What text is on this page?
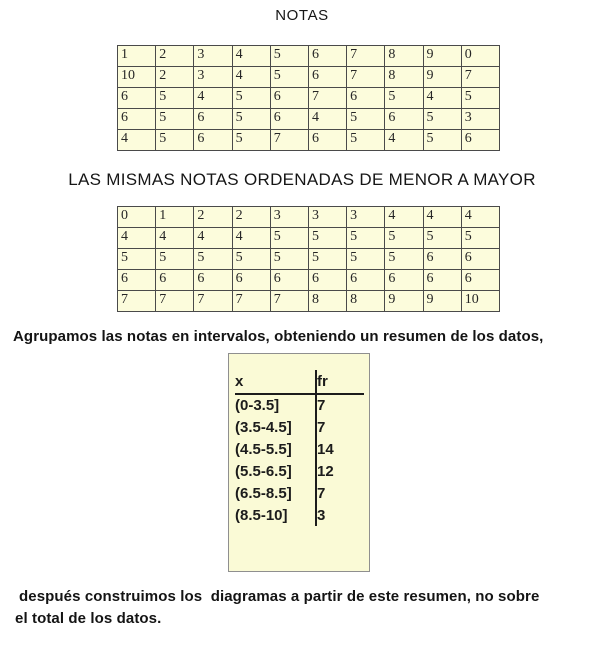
NOTAS
1	2	3	4	5	6	7	8	9	0
10	2	3	4	5	6	7	8	9	7
6	5	4	5	6	7	6	5	4	5
6	5	6	5	6	4	5	6	5	3
4	5	6	5	7	6	5	4	5	6
LAS MISMAS NOTAS ORDENADAS DE MENOR A MAYOR
0	1	2	2	3	3	3	4	4	4
4	4	4	4	5	5	5	5	5	5
5	5	5	5	5	5	5	5	6	6
6	6	6	6	6	6	6	6	6	6
7	7	7	7	7	8	8	9	9	10
Agrupamos las notas en intervalos, obteniendo un resumen de los datos,
x	fr
(0-3.5]	7
(3.5-4.5]	7
(4.5-5.5]	14
(5.5-6.5]	12
(6.5-8.5]	7
(8.5-10]	3
después construimos los  diagramas a partir de este resumen, no sobre
el total de los datos.
